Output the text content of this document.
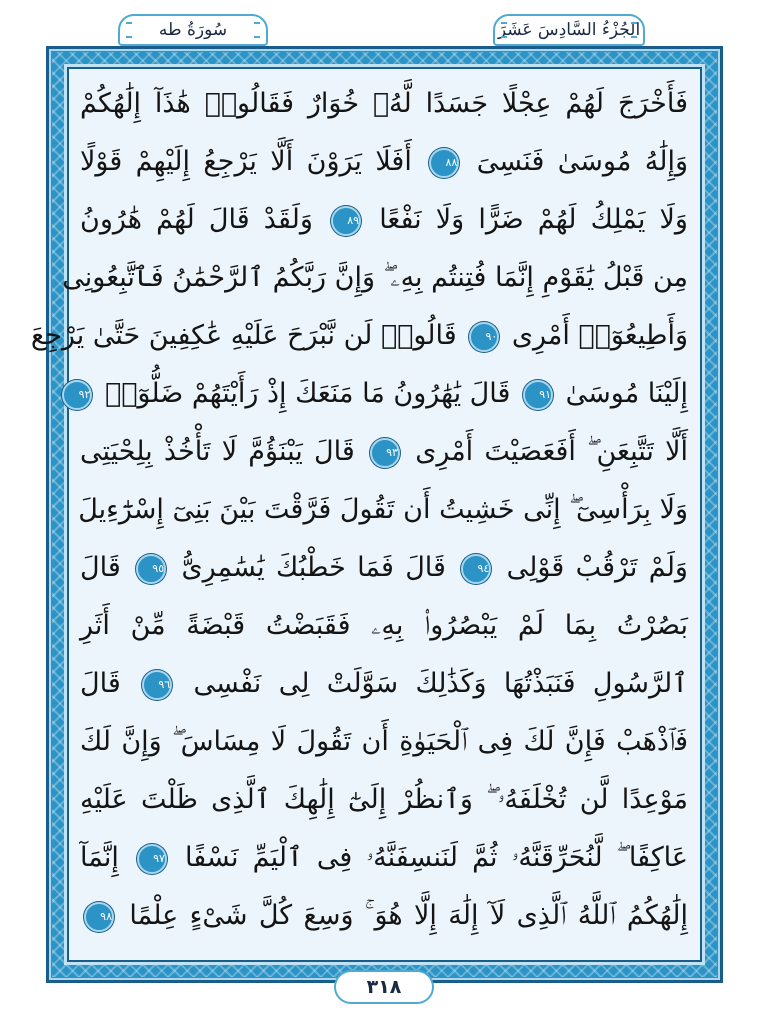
سُورَةُ طه	الجُزْءُ السَّادِسَ عَشَرَ
فَأَخْرَجَ لَهُمْ عِجْلًا جَسَدًا لَّهُۥ خُوَارٌ فَقَالُوا۟ هَٰذَآ إِلَٰهُكُمْ
وَإِلَٰهُ مُوسَىٰ فَنَسِىَ ٨٨ أَفَلَا يَرَوْنَ أَلَّا يَرْجِعُ إِلَيْهِمْ قَوْلًا
وَلَا يَمْلِكُ لَهُمْ ضَرًّا وَلَا نَفْعًا ٨٩ وَلَقَدْ قَالَ لَهُمْ هَٰرُونُ
مِن قَبْلُ يَٰقَوْمِ إِنَّمَا فُتِنتُم بِهِۦ ۖ وَإِنَّ رَبَّكُمُ ٱلرَّحْمَٰنُ فَٱتَّبِعُونِى
وَأَطِيعُوٓا۟ أَمْرِى ٩٠ قَالُوا۟ لَن نَّبْرَحَ عَلَيْهِ عَٰكِفِينَ حَتَّىٰ يَرْجِعَ
إِلَيْنَا مُوسَىٰ ٩١ قَالَ يَٰهَٰرُونُ مَا مَنَعَكَ إِذْ رَأَيْتَهُمْ ضَلُّوٓا۟ ٩٢
أَلَّا تَتَّبِعَنِ ۖ أَفَعَصَيْتَ أَمْرِى ٩٣ قَالَ يَبْنَؤُمَّ لَا تَأْخُذْ بِلِحْيَتِى
وَلَا بِرَأْسِىٓ ۖ إِنِّى خَشِيتُ أَن تَقُولَ فَرَّقْتَ بَيْنَ بَنِىٓ إِسْرَٰٓءِيلَ
وَلَمْ تَرْقُبْ قَوْلِى ٩٤ قَالَ فَمَا خَطْبُكَ يَٰسَٰمِرِىُّ ٩٥ قَالَ
بَصُرْتُ بِمَا لَمْ يَبْصُرُوا۟ بِهِۦ فَقَبَضْتُ قَبْضَةً مِّنْ أَثَرِ
ٱلرَّسُولِ فَنَبَذْتُهَا وَكَذَٰلِكَ سَوَّلَتْ لِى نَفْسِى ٩٦ قَالَ
فَٱذْهَبْ فَإِنَّ لَكَ فِى ٱلْحَيَوٰةِ أَن تَقُولَ لَا مِسَاسَ ۖ وَإِنَّ لَكَ
مَوْعِدًا لَّن تُخْلَفَهُۥ ۖ وَٱنظُرْ إِلَىٰٓ إِلَٰهِكَ ٱلَّذِى ظَلْتَ عَلَيْهِ
عَاكِفًا ۖ لَّنُحَرِّقَنَّهُۥ ثُمَّ لَنَنسِفَنَّهُۥ فِى ٱلْيَمِّ نَسْفًا ٩٧ إِنَّمَآ
إِلَٰهُكُمُ ٱللَّهُ ٱلَّذِى لَآ إِلَٰهَ إِلَّا هُوَ ۚ وَسِعَ كُلَّ شَىْءٍ عِلْمًا ٩٨
٣١٨
